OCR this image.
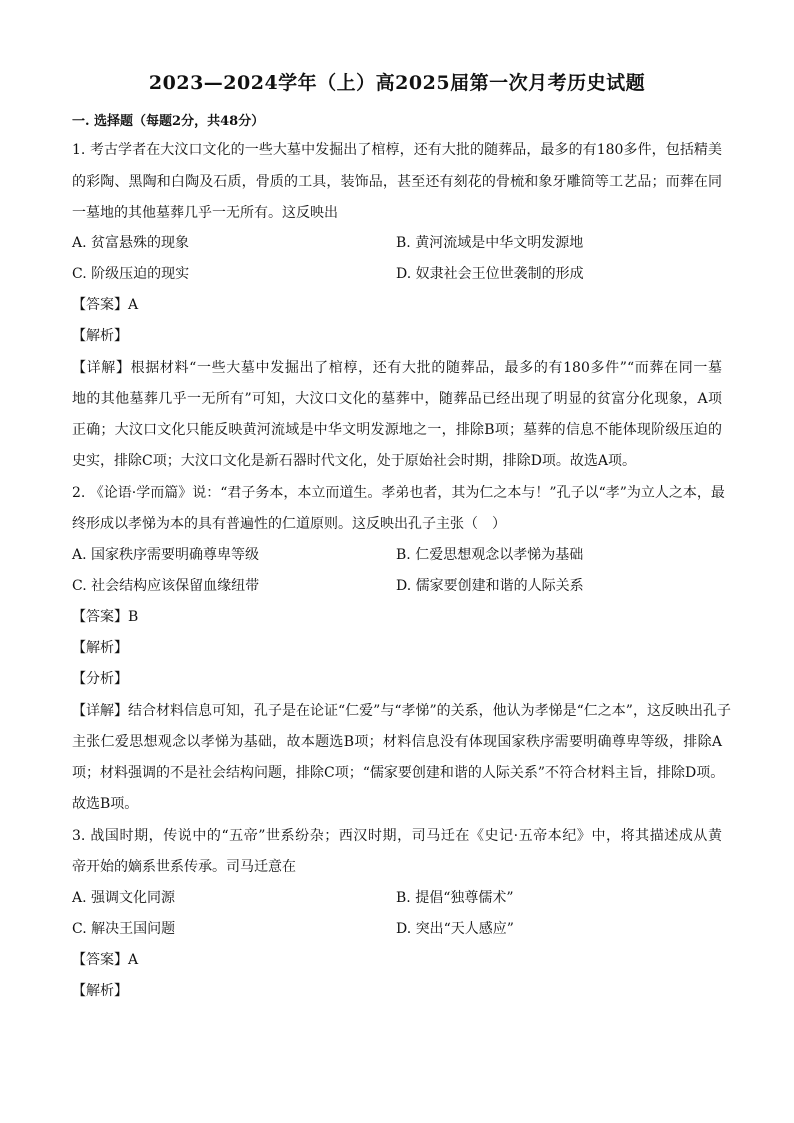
2023—2024学年（上）高2025届第一次月考历史试题
一. 选择题（每题2分，共48分）
1. 考古学者在大汶口文化的一些大墓中发掘出了棺椁，还有大批的随葬品，最多的有180多件，包括精美
的彩陶、黑陶和白陶及石质，骨质的工具，装饰品，甚至还有刻花的骨梳和象牙雕筒等工艺品；而葬在同
一墓地的其他墓葬几乎一无所有。这反映出
A. 贫富悬殊的现象	B. 黄河流域是中华文明发源地
C. 阶级压迫的现实	D. 奴隶社会王位世袭制的形成
【答案】A
【解析】
【详解】根据材料“一些大墓中发掘出了棺椁，还有大批的随葬品，最多的有180多件”“而葬在同一墓
地的其他墓葬几乎一无所有”可知，大汶口文化的墓葬中，随葬品已经出现了明显的贫富分化现象，A项
正确；大汶口文化只能反映黄河流域是中华文明发源地之一，排除B项；墓葬的信息不能体现阶级压迫的
史实，排除C项；大汶口文化是新石器时代文化，处于原始社会时期，排除D项。故选A项。
2. 《论语·学而篇》说：“君子务本，本立而道生。孝弟也者，其为仁之本与！”孔子以“孝”为立人之本，最
终形成以孝悌为本的具有普遍性的仁道原则。这反映出孔子主张（　）
A. 国家秩序需要明确尊卑等级	B. 仁爱思想观念以孝悌为基础
C. 社会结构应该保留血缘纽带	D. 儒家要创建和谐的人际关系
【答案】B
【解析】
【分析】
【详解】结合材料信息可知，孔子是在论证“仁爱”与“孝悌”的关系，他认为孝悌是“仁之本”，这反映出孔子
主张仁爱思想观念以孝悌为基础，故本题选B项；材料信息没有体现国家秩序需要明确尊卑等级，排除A
项；材料强调的不是社会结构问题，排除C项；“儒家要创建和谐的人际关系”不符合材料主旨，排除D项。
故选B项。
3. 战国时期，传说中的“五帝”世系纷杂；西汉时期，司马迁在《史记·五帝本纪》中，将其描述成从黄
帝开始的嫡系世系传承。司马迁意在
A. 强调文化同源	B. 提倡“独尊儒术”
C. 解决王国问题	D. 突出“天人感应”
【答案】A
【解析】
